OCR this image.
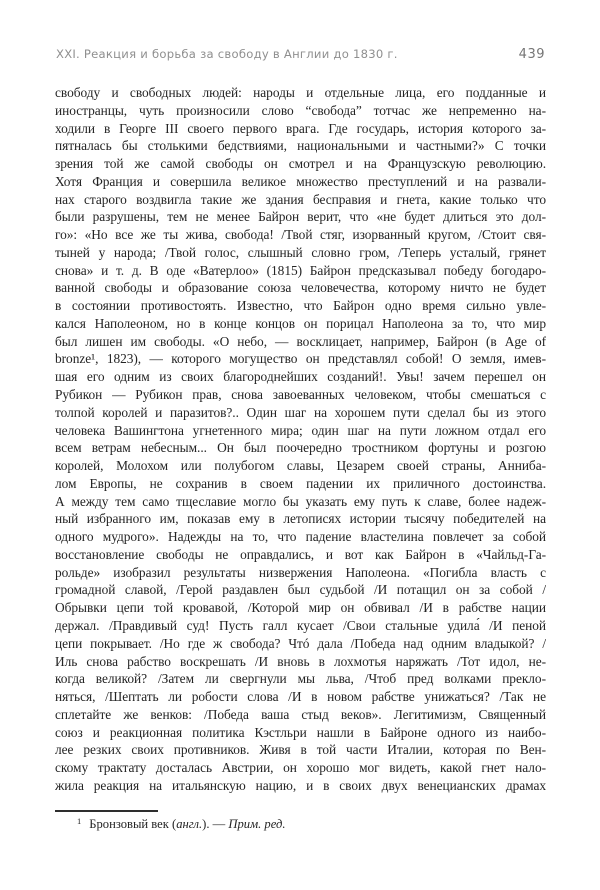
XXI. Реакция и борьба за свободу в Англии до 1830 г.	439
свободу и свободных людей: народы и отдельные лица, его подданные и
иностранцы, чуть произносили слово “свобода” тотчас же непременно на-
ходили в Георге III своего первого врага. Где государь, история которого за-
пятналась бы столькими бедствиями, национальными и частными?» С точки
зрения той же самой свободы он смотрел и на Французскую революцию.
Хотя Франция и совершила великое множество преступлений и на развали-
нах старого воздвигла такие же здания бесправия и гнета, какие только что
были разрушены, тем не менее Байрон верит, что «не будет длиться это дол-
го»: «Но все же ты жива, свобода! /Твой стяг, изорванный кругом, /Стоит свя-
тыней у народа; /Твой голос, слышный словно гром, /Теперь усталый, грянет
снова» и т. д. В оде «Ватерлоо» (1815) Байрон предсказывал победу богодаро-
ванной свободы и образование союза человечества, которому ничто не будет
в состоянии противостоять. Известно, что Байрон одно время сильно увле-
кался Наполеоном, но в конце концов он порицал Наполеона за то, что мир
был лишен им свободы. «О небо, — восклицает, например, Байрон (в Age of
bronze¹, 1823), — которого могущество он представлял собой! О земля, имев-
шая его одним из своих благороднейших созданий!. Увы! зачем перешел он
Рубикон — Рубикон прав, снова завоеванных человеком, чтобы смешаться с
толпой королей и паразитов?.. Один шаг на хорошем пути сделал бы из этого
человека Вашингтона угнетенного мира; один шаг на пути ложном отдал его
всем ветрам небесным... Он был поочередно тростником фортуны и розгою
королей, Молохом или полубогом славы, Цезарем своей страны, Анниба-
лом Европы, не сохранив в своем падении их приличного достоинства.
А между тем само тщеславие могло бы указать ему путь к славе, более надеж-
ный избранного им, показав ему в летописях истории тысячу победителей на
одного мудрого». Надежды на то, что падение властелина повлечет за собой
восстановление свободы не оправдались, и вот как Байрон в «Чайльд-Га-
рольде» изобразил результаты низвержения Наполеона. «Погибла власть с
громадной славой, /Герой раздавлен был судьбой /И потащил он за собой /
Обрывки цепи той кровавой, /Которой мир он обвивал /И в рабстве нации
держал. /Правдивый суд! Пусть галл кусает /Свои стальные удила́ /И пеной
цепи покрывает. /Но где ж свобода? Чтó дала /Победа над одним владыкой? /
Иль снова рабство воскрешать /И вновь в лохмотья наряжать /Тот идол, не-
когда великой? /Затем ли свергнули мы льва, /Чтоб пред волками прекло-
няться, /Шептать ли робости слова /И в новом рабстве унижаться? /Так не
сплетайте же венков: /Победа ваша стыд веков». Легитимизм, Священный
союз и реакционная политика Кэстльри нашли в Байроне одного из наибо-
лее резких своих противников. Живя в той части Италии, которая по Вен-
скому трактату досталась Австрии, он хорошо мог видеть, какой гнет нало-
жила реакция на итальянскую нацию, и в своих двух венецианских драмах
$^1$ Бронзовый век (англ.). — Прим. ред.
